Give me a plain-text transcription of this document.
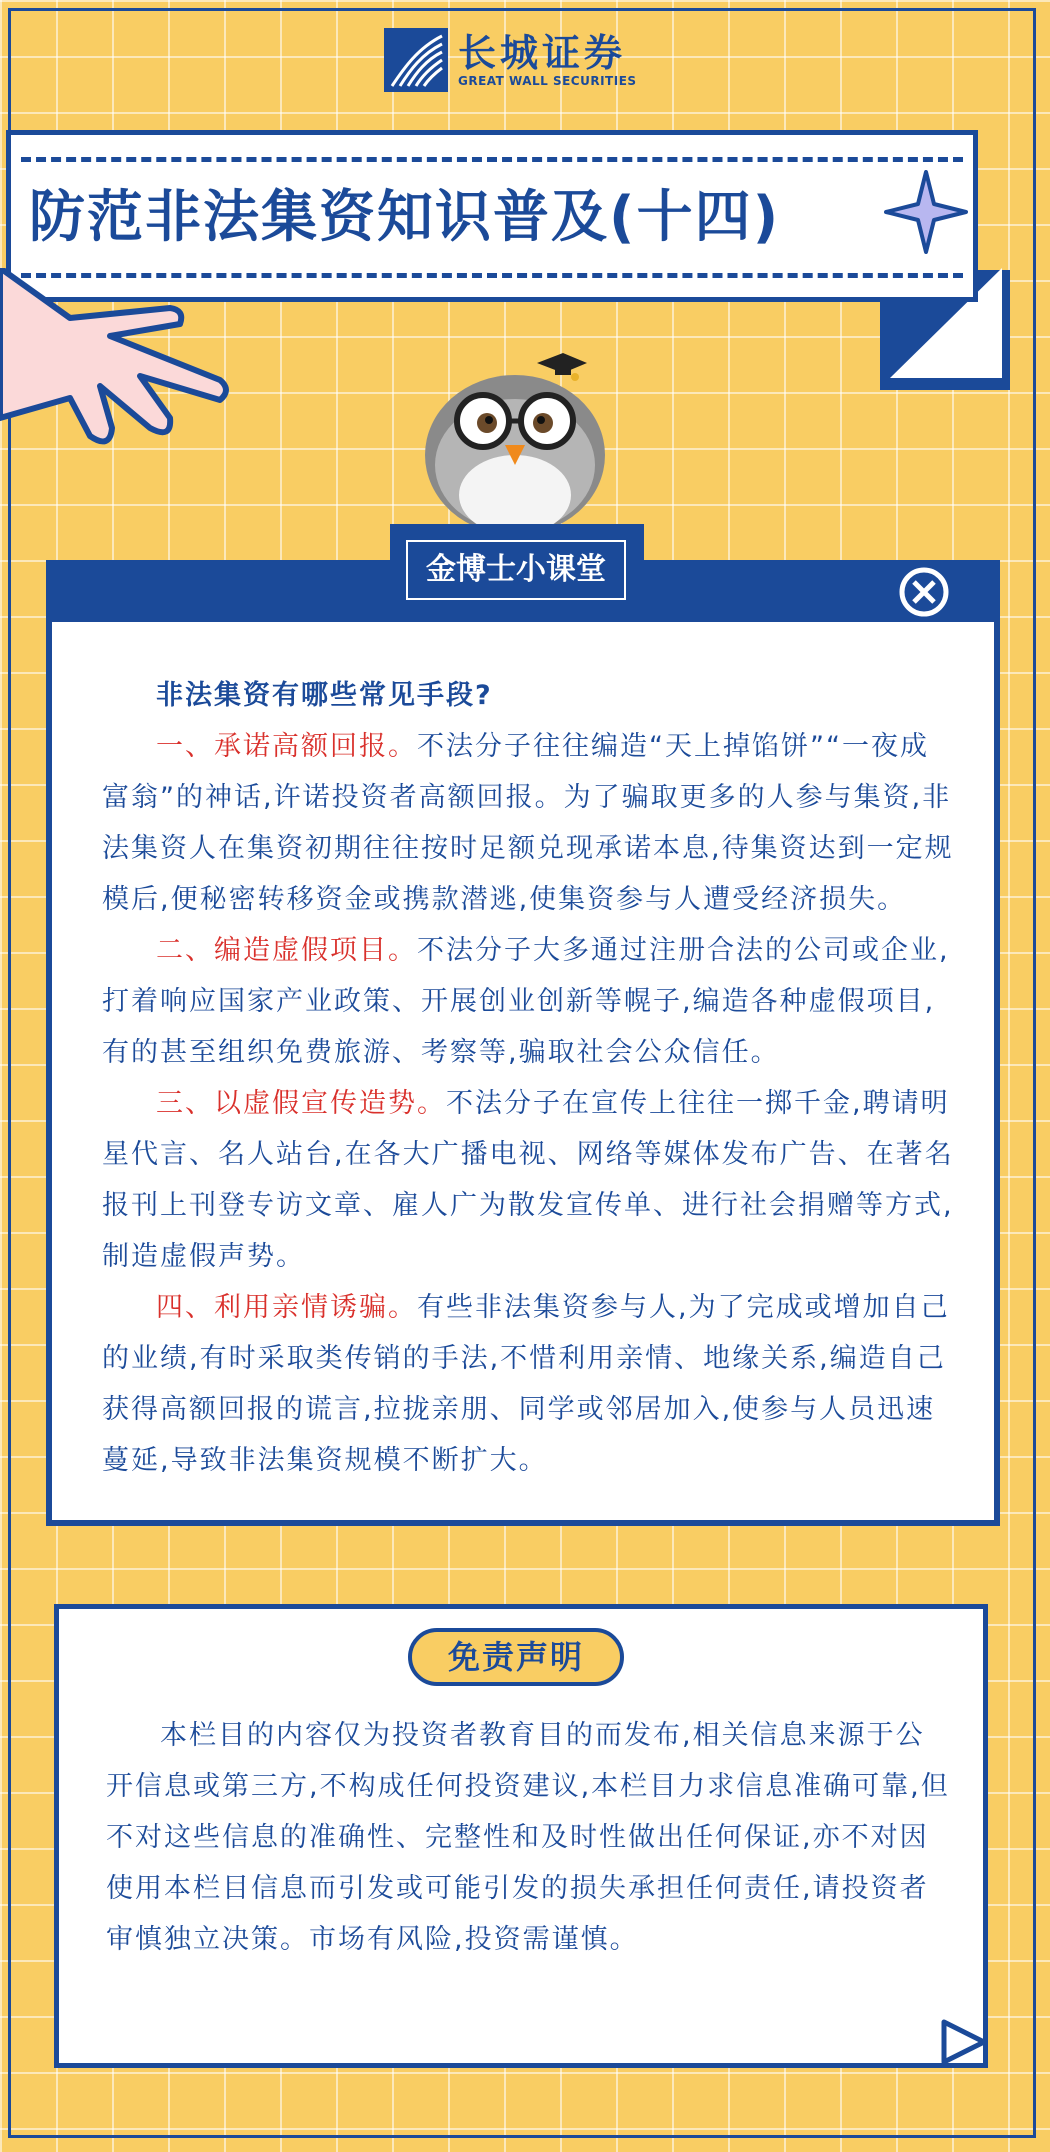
长城证券
GREAT WALL SECURITIES
防范非法集资知识普及(十四)
金博士小课堂

非法集资有哪些常见手段?

一、承诺高额回报。不法分子往往编造“天上掉馅饼”“一夜成富翁”的神话,许诺投资者高额回报。为了骗取更多的人参与集资,非法集资人在集资初期往往按时足额兑现承诺本息,待集资达到一定规模后,便秘密转移资金或携款潜逃,使集资参与人遭受经济损失。

二、编造虚假项目。不法分子大多通过注册合法的公司或企业,打着响应国家产业政策、开展创业创新等幌子,编造各种虚假项目,有的甚至组织免费旅游、考察等,骗取社会公众信任。

三、以虚假宣传造势。不法分子在宣传上往往一掷千金,聘请明星代言、名人站台,在各大广播电视、网络等媒体发布广告、在著名报刊上刊登专访文章、雇人广为散发宣传单、进行社会捐赠等方式,制造虚假声势。

四、利用亲情诱骗。有些非法集资参与人,为了完成或增加自己的业绩,有时采取类传销的手法,不惜利用亲情、地缘关系,编造自己获得高额回报的谎言,拉拢亲朋、同学或邻居加入,使参与人员迅速蔓延,导致非法集资规模不断扩大。

免责声明

本栏目的内容仅为投资者教育目的而发布,相关信息来源于公开信息或第三方,不构成任何投资建议,本栏目力求信息准确可靠,但不对这些信息的准确性、完整性和及时性做出任何保证,亦不对因使用本栏目信息而引发或可能引发的损失承担任何责任,请投资者审慎独立决策。市场有风险,投资需谨慎。
